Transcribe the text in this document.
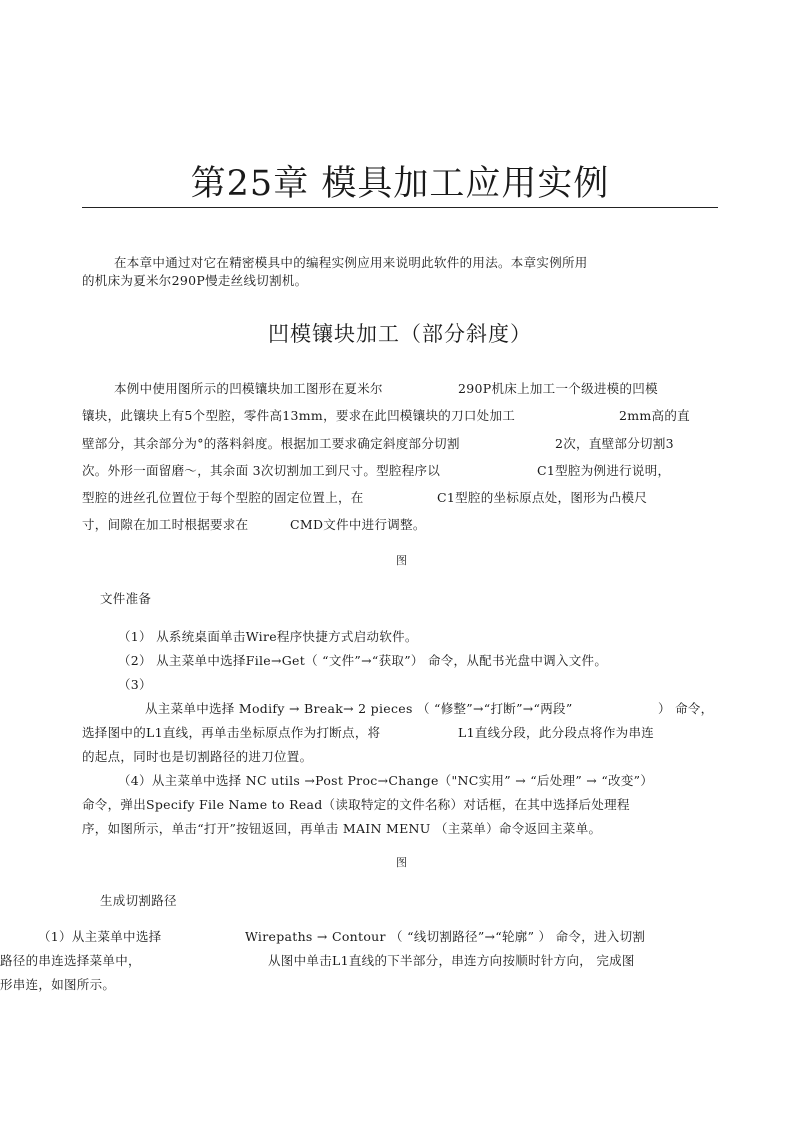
第25章 模具加工应用实例
在本章中通过对它在精密模具中的编程实例应用来说明此软件的用法。本章实例所用
的机床为夏米尔290P慢走丝线切割机。
凹模镶块加工（部分斜度）
本例中使用图所示的凹模镶块加工图形在夏米尔	290P机床上加工一个级进模的凹模
镶块，此镶块上有5个型腔，零件高13mm，要求在此凹模镶块的刀口处加工	2mm高的直
壁部分，其余部分为°的落料斜度。根据加工要求确定斜度部分切割	2次，直壁部分切割3
次。外形一面留磨～，其余面 3次切割加工到尺寸。型腔程序以	C1型腔为例进行说明，
型腔的进丝孔位置位于每个型腔的固定位置上，在	C1型腔的坐标原点处，图形为凸模尺
寸，间隙在加工时根据要求在	CMD文件中进行调整。
图
文件准备
（1） 从系统桌面单击Wire程序快捷方式启动软件。
（2） 从主菜单中选择File→Get（ “文件”→“获取”） 命令，从配书光盘中调入文件。
（3）
从主菜单中选择 Modify → Break→ 2 pieces （ “修整”→“打断”→“两段”	） 命令，
选择图中的L1直线，再单击坐标原点作为打断点，将	L1直线分段，此分段点将作为串连
的起点，同时也是切割路径的进刀位置。
（4）从主菜单中选择 NC utils →Post Proc→Change（"NC实用” → “后处理” → “改变”）
命令，弹出Specify File Name to Read（读取特定的文件名称）对话框，在其中选择后处理程
序，如图所示，单击“打开”按钮返回，再单击 MAIN MENU （主菜单）命令返回主菜单。
图
生成切割路径
（1）从主菜单中选择	Wirepaths → Contour （ “线切割路径”→“轮廓” ） 命令，进入切割
路径的串连选择菜单中，	从图中单击L1直线的下半部分，串连方向按顺时针方向， 完成图
形串连，如图所示。
